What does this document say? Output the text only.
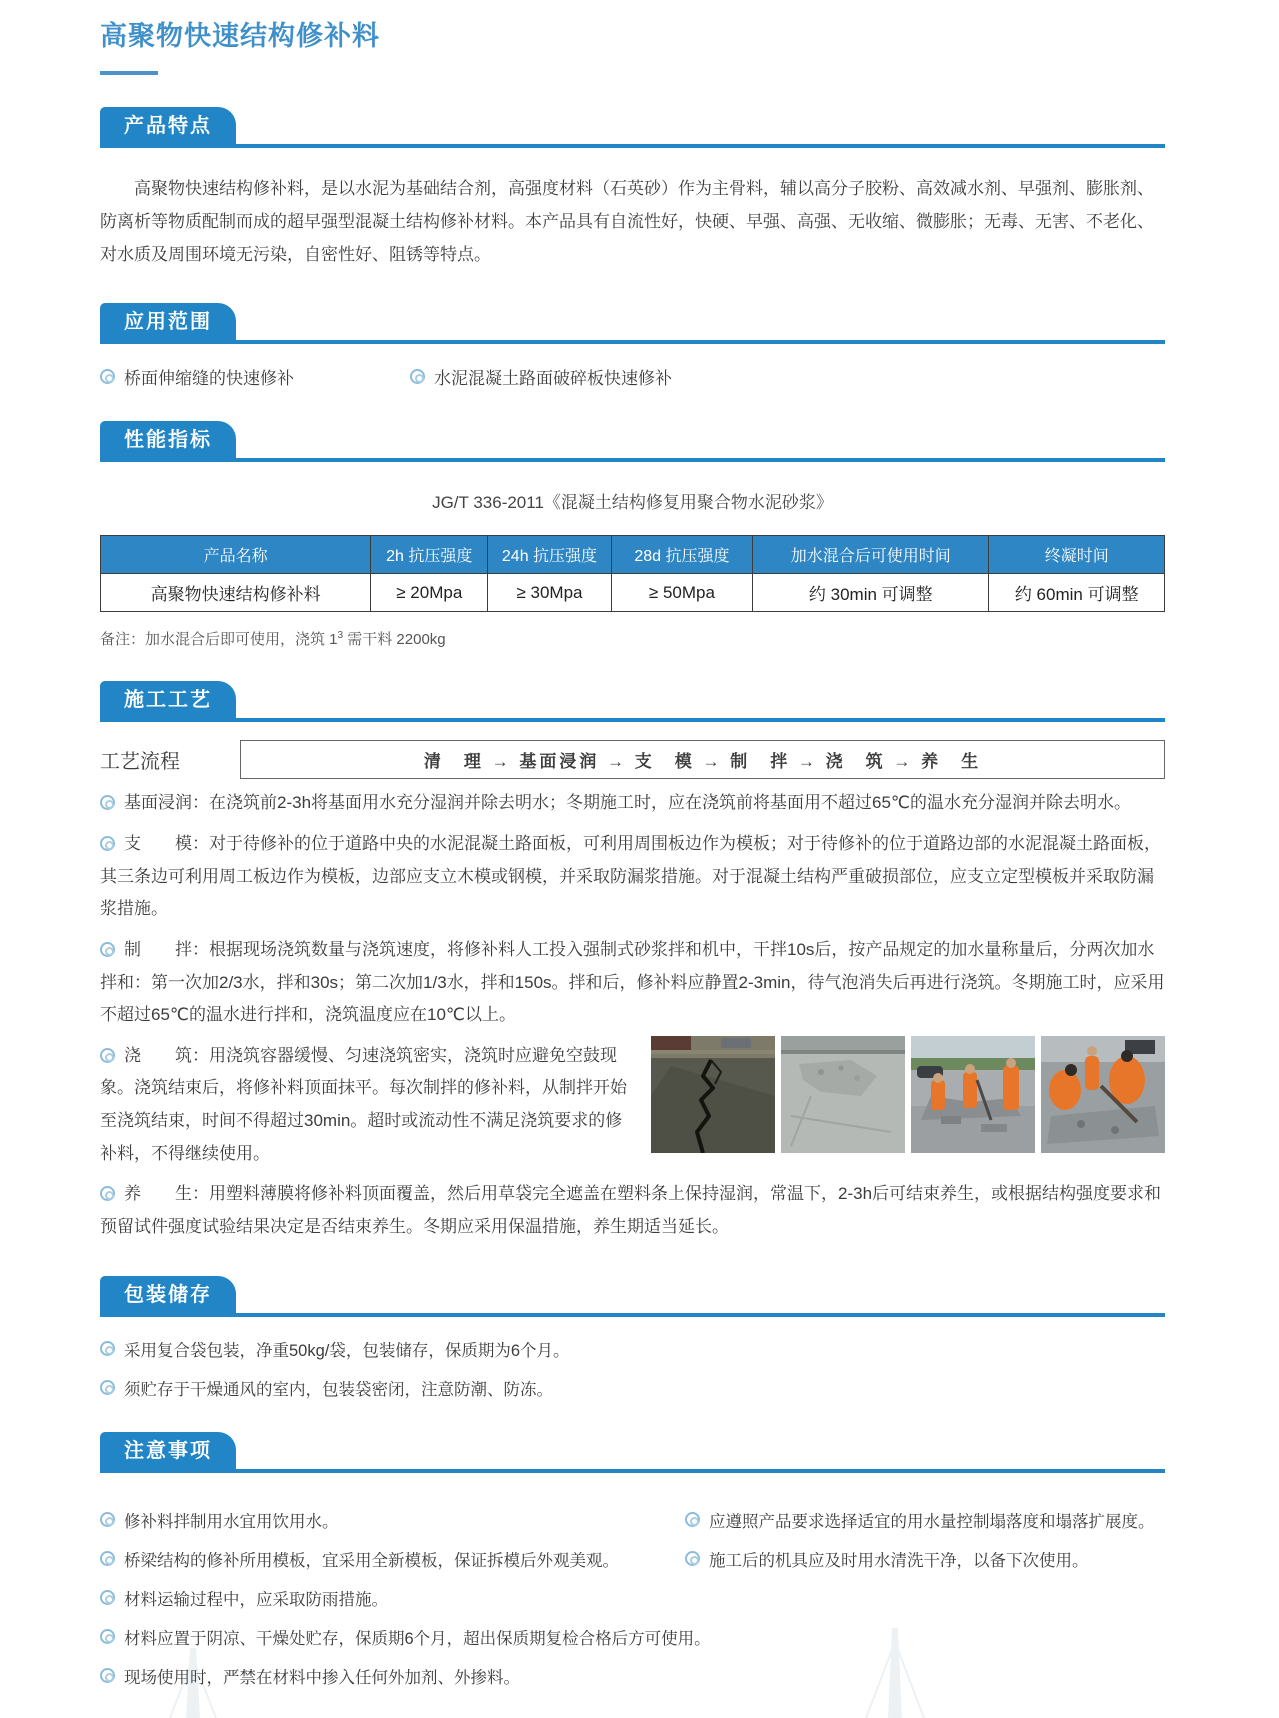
高聚物快速结构修补料
产品特点

高聚物快速结构修补料，是以水泥为基础结合剂，高强度材料（石英砂）作为主骨料，辅以高分子胶粉、高效减水剂、早强剂、膨胀剂、防离析等物质配制而成的超早强型混凝土结构修补材料。本产品具有自流性好，快硬、早强、高强、无收缩、微膨胀；无毒、无害、不老化、对水质及周围环境无污染，自密性好、阻锈等特点。

应用范围
桥面伸缩缝的快速修补	水泥混凝土路面破碎板快速修补
性能指标
JG/T 336-2011《混凝土结构修复用聚合物水泥砂浆》
产品名称	2h 抗压强度	24h 抗压强度	28d 抗压强度	加水混合后可使用时间	终凝时间
高聚物快速结构修补料	≥ 20Mpa	≥ 30Mpa	≥ 50Mpa	约 30min 可调整	约 60min 可调整
备注：加水混合后即可使用，浇筑 $1^3$ 需干料 2200kg
施工工艺
工艺流程	清　理 → 基面浸润 → 支　模 → 制　拌 → 浇　筑 → 养　生

基面浸润：在浇筑前2-3h将基面用水充分湿润并除去明水；冬期施工时，应在浇筑前将基面用不超过65℃的温水充分湿润并除去明水。

支　　模：对于待修补的位于道路中央的水泥混凝土路面板，可利用周围板边作为模板；对于待修补的位于道路边部的水泥混凝土路面板，其三条边可利用周工板边作为模板，边部应支立木模或钢模，并采取防漏浆措施。对于混凝土结构严重破损部位，应支立定型模板并采取防漏浆措施。

制　　拌：根据现场浇筑数量与浇筑速度，将修补料人工投入强制式砂浆拌和机中，干拌10s后，按产品规定的加水量称量后，分两次加水拌和：第一次加2/3水，拌和30s；第二次加1/3水，拌和150s。拌和后，修补料应静置2-3min，待气泡消失后再进行浇筑。冬期施工时，应采用不超过65℃的温水进行拌和，浇筑温度应在10℃以上。

浇　　筑：用浇筑容器缓慢、匀速浇筑密实，浇筑时应避免空鼓现象。浇筑结束后，将修补料顶面抹平。每次制拌的修补料，从制拌开始至浇筑结束，时间不得超过30min。超时或流动性不满足浇筑要求的修补料，不得继续使用。

养　　生：用塑料薄膜将修补料顶面覆盖，然后用草袋完全遮盖在塑料条上保持湿润，常温下，2-3h后可结束养生，或根据结构强度要求和预留试件强度试验结果决定是否结束养生。冬期应采用保温措施，养生期适当延长。

包装储存
采用复合袋包装，净重50kg/袋，包装储存，保质期为6个月。
须贮存于干燥通风的室内，包装袋密闭，注意防潮、防冻。
注意事项
修补料拌制用水宜用饮用水。	应遵照产品要求选择适宜的用水量控制塌落度和塌落扩展度。
桥梁结构的修补所用模板，宜采用全新模板，保证拆模后外观美观。	施工后的机具应及时用水清洗干净，以备下次使用。
材料运输过程中，应采取防雨措施。
材料应置于阴凉、干燥处贮存，保质期6个月，超出保质期复检合格后方可使用。
现场使用时，严禁在材料中掺入任何外加剂、外掺料。
